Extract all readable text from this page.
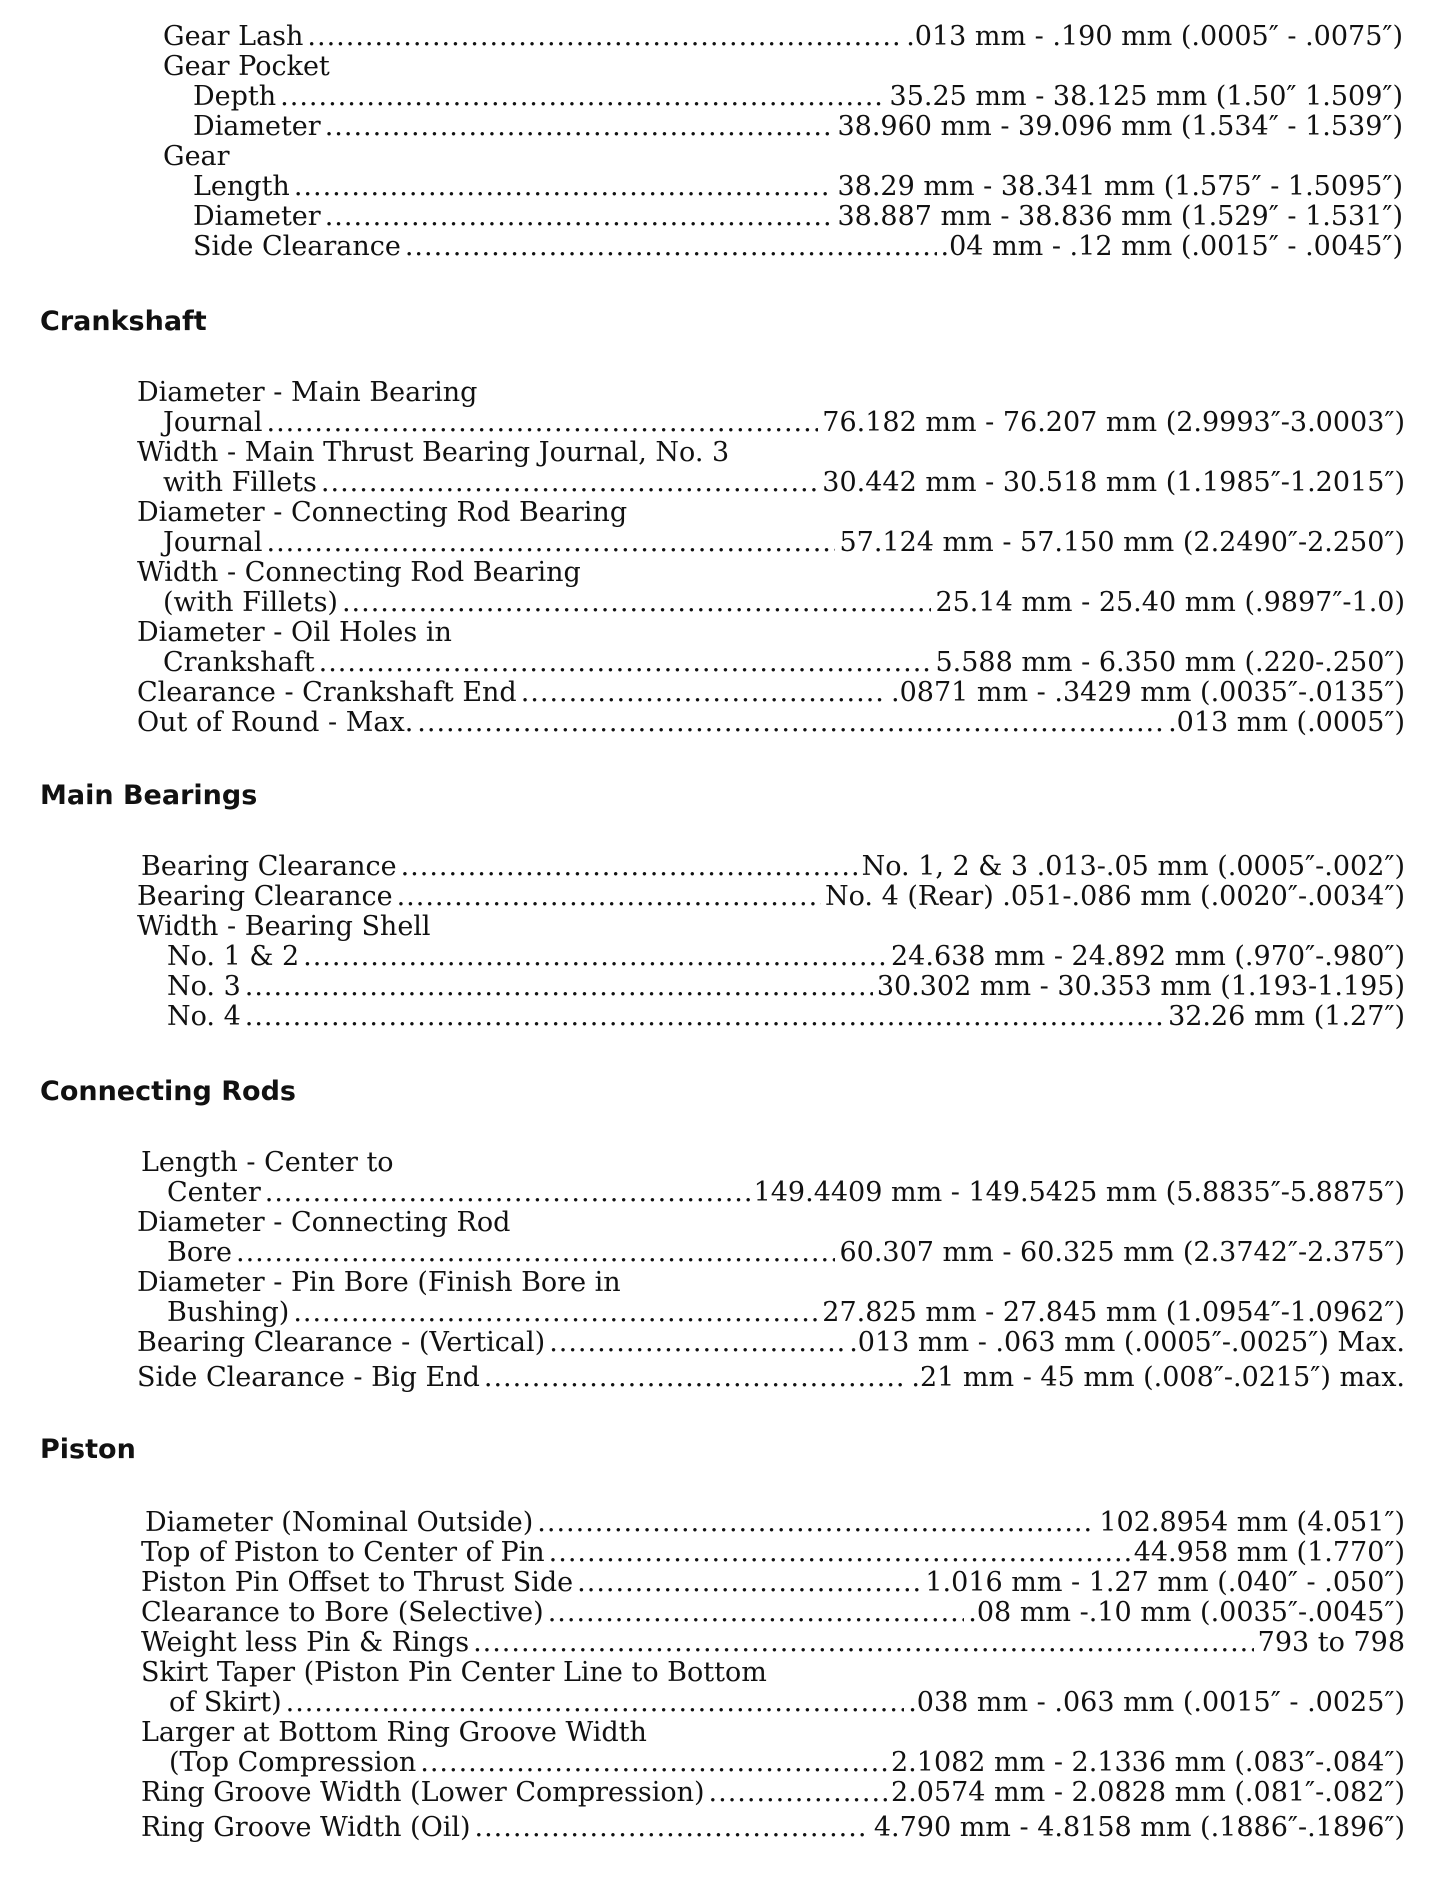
Gear Lash .....	.013 mm - .190 mm (.0005″ - .0075″)
Gear Pocket
Depth .....	35.25 mm - 38.125 mm (1.50″ 1.509″)
Diameter .....	38.960 mm - 39.096 mm (1.534″ - 1.539″)
Gear
Length .....	38.29 mm - 38.341 mm (1.575″ - 1.5095″)
Diameter .....	38.887 mm - 38.836 mm (1.529″ - 1.531″)
Side Clearance .....	.04 mm - .12 mm (.0015″ - .0045″)
Crankshaft
Diameter - Main Bearing
Journal .....	76.182 mm - 76.207 mm (2.9993″-3.0003″)
Width - Main Thrust Bearing Journal, No. 3
with Fillets .....	30.442 mm - 30.518 mm (1.1985″-1.2015″)
Diameter - Connecting Rod Bearing
Journal .....	57.124 mm - 57.150 mm (2.2490″-2.250″)
Width - Connecting Rod Bearing
(with Fillets) .....	25.14 mm - 25.40 mm (.9897″-1.0)
Diameter - Oil Holes in
Crankshaft .....	5.588 mm - 6.350 mm (.220-.250″)
Clearance - Crankshaft End .....	.0871 mm - .3429 mm (.0035″-.0135″)
Out of Round - Max. .....	.013 mm (.0005″)
Main Bearings
Bearing Clearance .....	No. 1, 2 & 3 .013-.05 mm (.0005″-.002″)
Bearing Clearance .....	No. 4 (Rear) .051-.086 mm (.0020″-.0034″)
Width - Bearing Shell
No. 1 & 2 .....	24.638 mm - 24.892 mm (.970″-.980″)
No. 3 .....	30.302 mm - 30.353 mm (1.193-1.195)
No. 4 .....	32.26 mm (1.27″)
Connecting Rods
Length - Center to
Center .....	149.4409 mm - 149.5425 mm (5.8835″-5.8875″)
Diameter - Connecting Rod
Bore .....	60.307 mm - 60.325 mm (2.3742″-2.375″)
Diameter - Pin Bore (Finish Bore in
Bushing) .....	27.825 mm - 27.845 mm (1.0954″-1.0962″)
Bearing Clearance - (Vertical) .....	.013 mm - .063 mm (.0005″-.0025″) Max.
Side Clearance - Big End .....	.21 mm - 45 mm (.008″-.0215″) max.
Piston
Diameter (Nominal Outside) .....	102.8954 mm (4.051″)
Top of Piston to Center of Pin .....	44.958 mm (1.770″)
Piston Pin Offset to Thrust Side .....	1.016 mm - 1.27 mm (.040″ - .050″)
Clearance to Bore (Selective) .....	.08 mm -.10 mm (.0035″-.0045″)
Weight less Pin & Rings .....	793 to 798
Skirt Taper (Piston Pin Center Line to Bottom
of Skirt) .....	.038 mm - .063 mm (.0015″ - .0025″)
Larger at Bottom Ring Groove Width
(Top Compression .....	2.1082 mm - 2.1336 mm (.083″-.084″)
Ring Groove Width (Lower Compression) .....	2.0574 mm - 2.0828 mm (.081″-.082″)
Ring Groove Width (Oil) .....	4.790 mm - 4.8158 mm (.1886″-.1896″)
